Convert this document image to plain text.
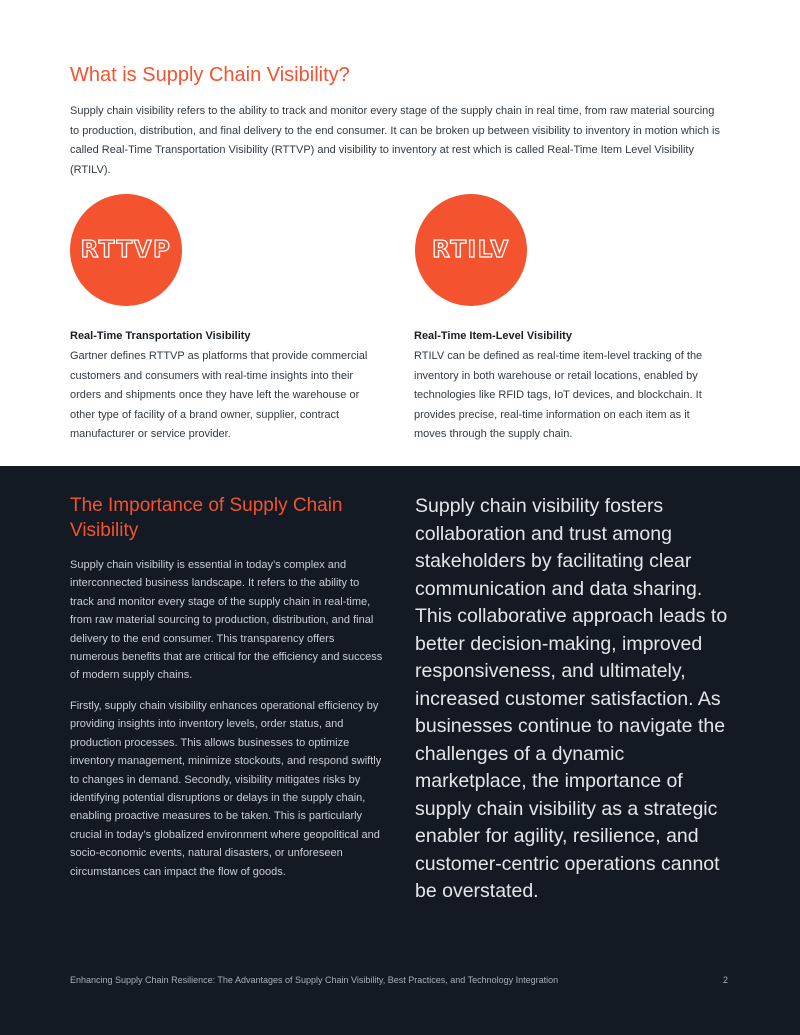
What is Supply Chain Visibility?

Supply chain visibility refers to the ability to track and monitor every stage of the supply chain in real time, from raw material sourcing to production, distribution, and final delivery to the end consumer. It can be broken up between visibility to inventory in motion which is called Real-Time Transportation Visibility (RTTVP) and visibility to inventory at rest which is called Real-Time Item Level Visibility (RTILV).

RTTVP	RTILV

Real-Time Transportation Visibility

Gartner defines RTTVP as platforms that provide commercial customers and consumers with real-time insights into their orders and shipments once they have left the warehouse or other type of facility of a brand owner, supplier, contract manufacturer or service provider.

Real-Time Item-Level Visibility

RTILV can be defined as real-time item-level tracking of the inventory in both warehouse or retail locations, enabled by technologies like RFID tags, IoT devices, and blockchain. It provides precise, real-time information on each item as it moves through the supply chain.

The Importance of Supply Chain Visibility

Supply chain visibility is essential in today’s complex and interconnected business landscape. It refers to the ability to track and monitor every stage of the supply chain in real-time, from raw material sourcing to production, distribution, and final delivery to the end consumer. This transparency offers numerous benefits that are critical for the efficiency and success of modern supply chains.

Firstly, supply chain visibility enhances operational efficiency by providing insights into inventory levels, order status, and production processes. This allows businesses to optimize inventory management, minimize stockouts, and respond swiftly to changes in demand. Secondly, visibility mitigates risks by identifying potential disruptions or delays in the supply chain, enabling proactive measures to be taken. This is particularly crucial in today’s globalized environment where geopolitical and socio-economic events, natural disasters, or unforeseen circumstances can impact the flow of goods.

Supply chain visibility fosters collaboration and trust among stakeholders by facilitating clear communication and data sharing. This collaborative approach leads to better decision-making, improved responsiveness, and ultimately, increased customer satisfaction. As businesses continue to navigate the challenges of a dynamic marketplace, the importance of supply chain visibility as a strategic enabler for agility, resilience, and customer-centric operations cannot be overstated.

Enhancing Supply Chain Resilience: The Advantages of Supply Chain Visibility, Best Practices, and Technology Integration	2
